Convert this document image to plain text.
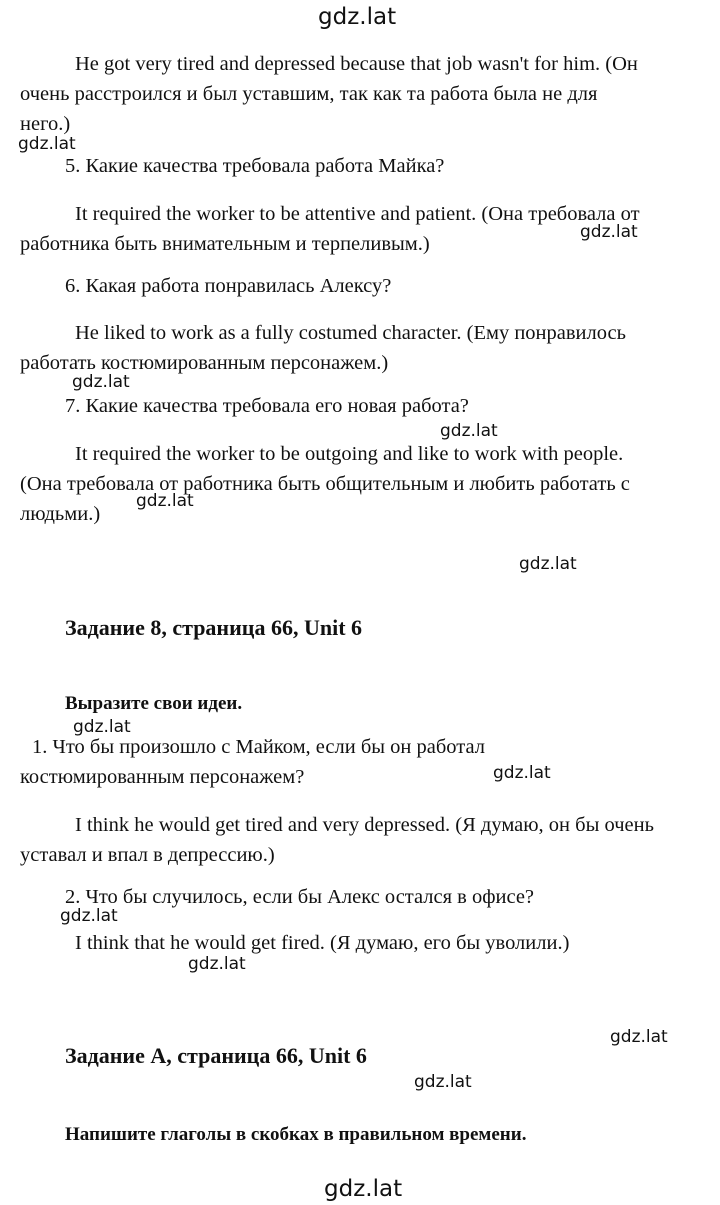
gdz.lat
He got very tired and depressed because that job wasn't for him. (Он
очень расстроился и был уставшим, так как та работа была не для
него.)
gdz.lat
5. Какие качества требовала работа Майка?
It required the worker to be attentive and patient. (Она требовала от
работника быть внимательным и терпеливым.)
gdz.lat
6. Какая работа понравилась Алексу?
He liked to work as a fully costumed character. (Ему понравилось
работать костюмированным персонажем.)
gdz.lat
7. Какие качества требовала его новая работа?
gdz.lat
It required the worker to be outgoing and like to work with people.
(Она требовала от работника быть общительным и любить работать с
людьми.)
gdz.lat
gdz.lat
Задание 8, страница 66, Unit 6
Выразите свои идеи.
gdz.lat
1. Что бы произошло с Майком, если бы он работал
костюмированным персонажем?	gdz.lat
I think he would get tired and very depressed. (Я думаю, он бы очень
уставал и впал в депрессию.)
2. Что бы случилось, если бы Алекс остался в офисе?
gdz.lat
I think that he would get fired. (Я думаю, его бы уволили.)
gdz.lat
gdz.lat
Задание A, страница 66, Unit 6
gdz.lat
Напишите глаголы в скобках в правильном времени.
gdz.lat
